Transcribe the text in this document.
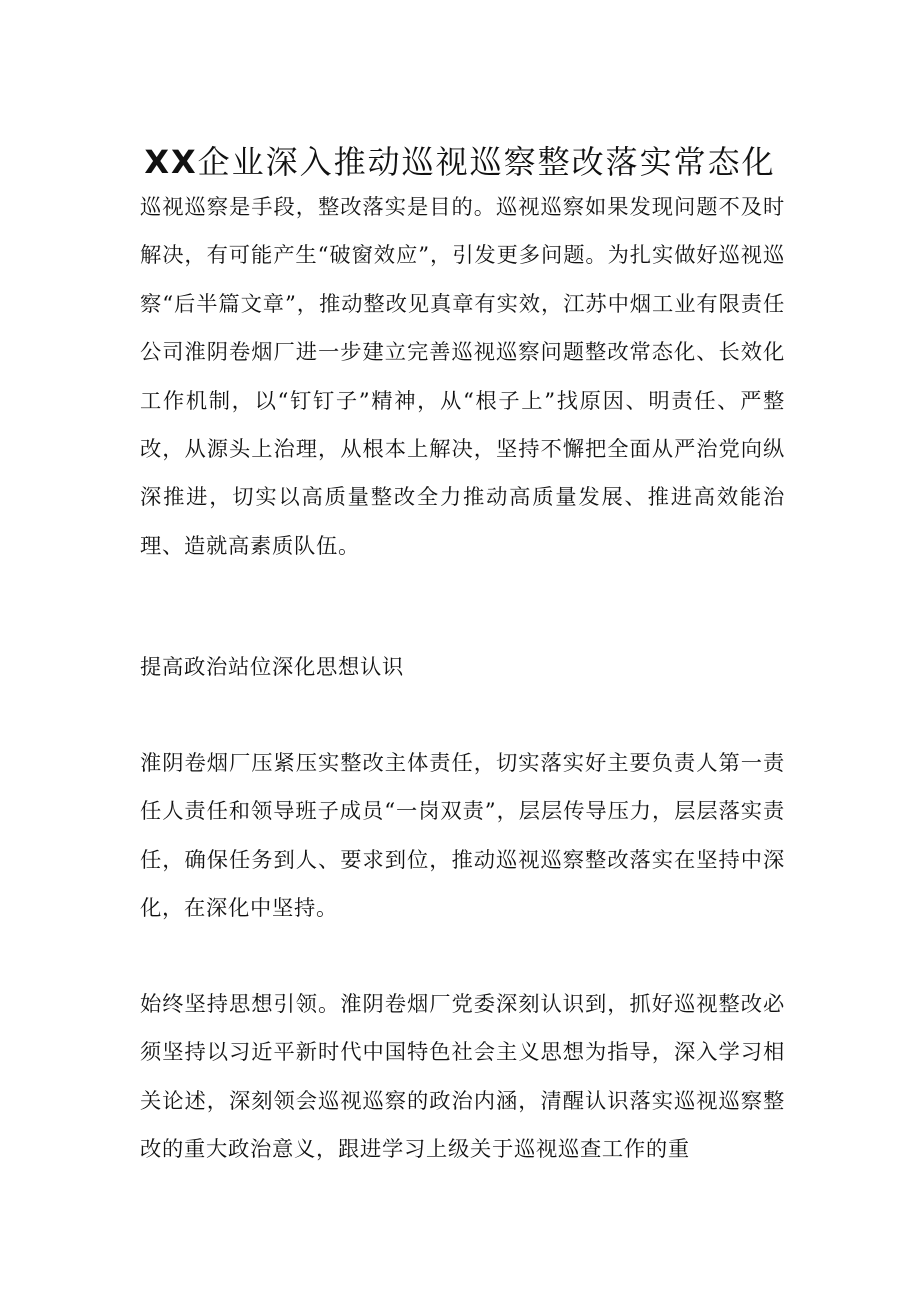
XX企业深入推动巡视巡察整改落实常态化

巡视巡察是手段，整改落实是目的。巡视巡察如果发现问题不及时解决，有可能产生“破窗效应”，引发更多问题。为扎实做好巡视巡察“后半篇文章”，推动整改见真章有实效，江苏中烟工业有限责任公司淮阴卷烟厂进一步建立完善巡视巡察问题整改常态化、长效化工作机制，以“钉钉子”精神，从“根子上”找原因、明责任、严整改，从源头上治理，从根本上解决，坚持不懈把全面从严治党向纵深推进，切实以高质量整改全力推动高质量发展、推进高效能治理、造就高素质队伍。

提高政治站位深化思想认识

淮阴卷烟厂压紧压实整改主体责任，切实落实好主要负责人第一责任人责任和领导班子成员“一岗双责”，层层传导压力，层层落实责任，确保任务到人、要求到位，推动巡视巡察整改落实在坚持中深化，在深化中坚持。

始终坚持思想引领。淮阴卷烟厂党委深刻认识到，抓好巡视整改必须坚持以习近平新时代中国特色社会主义思想为指导，深入学习相关论述，深刻领会巡视巡察的政治内涵，清醒认识落实巡视巡察整改的重大政治意义，跟进学习上级关于巡视巡查工作的重
